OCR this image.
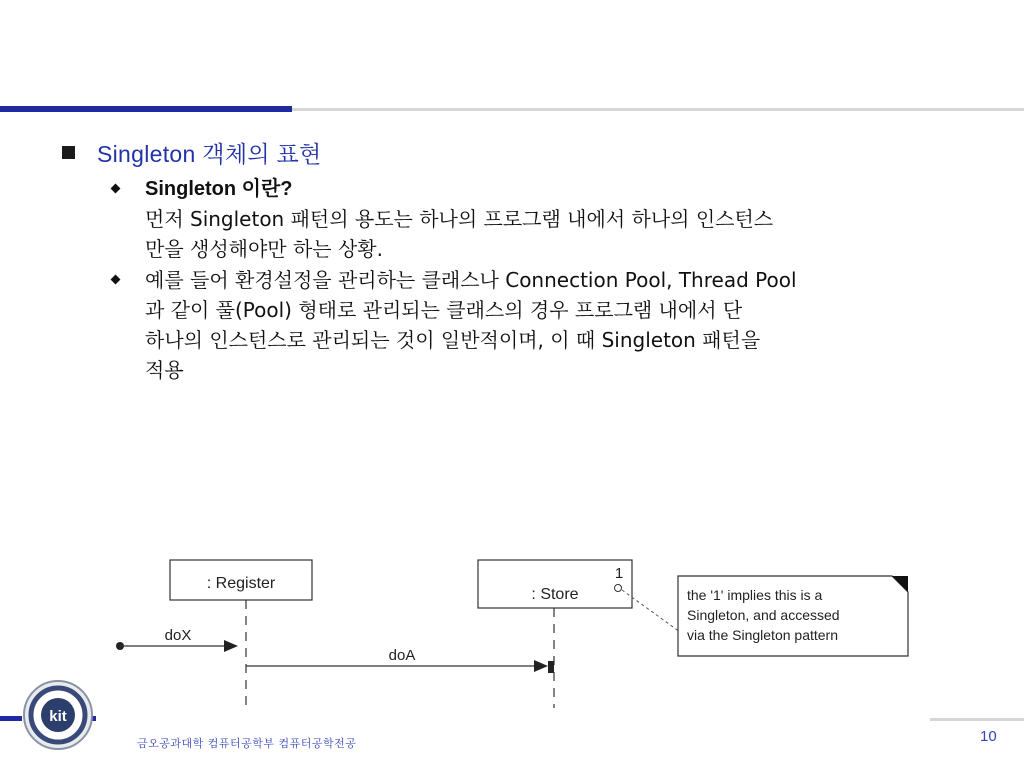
Singleton 객체의 표현
Singleton 이란?
먼저 Singleton 패턴의 용도는 하나의 프로그램 내에서 하나의 인스턴스
만을 생성해야만 하는 상황.
예를 들어 환경설정을 관리하는 클래스나 Connection Pool, Thread Pool
과 같이 풀(Pool) 형태로 관리되는 클래스의 경우 프로그램 내에서 단
하나의 인스턴스로 관리되는 것이 일반적이며, 이 때 Singleton 패턴을
적용
: Register
: Store
1
the '1' implies this is a
Singleton, and accessed
via the Singleton pattern
doX
doA
kit
금오공과대학 컴퓨터공학부 컴퓨터공학전공	10
